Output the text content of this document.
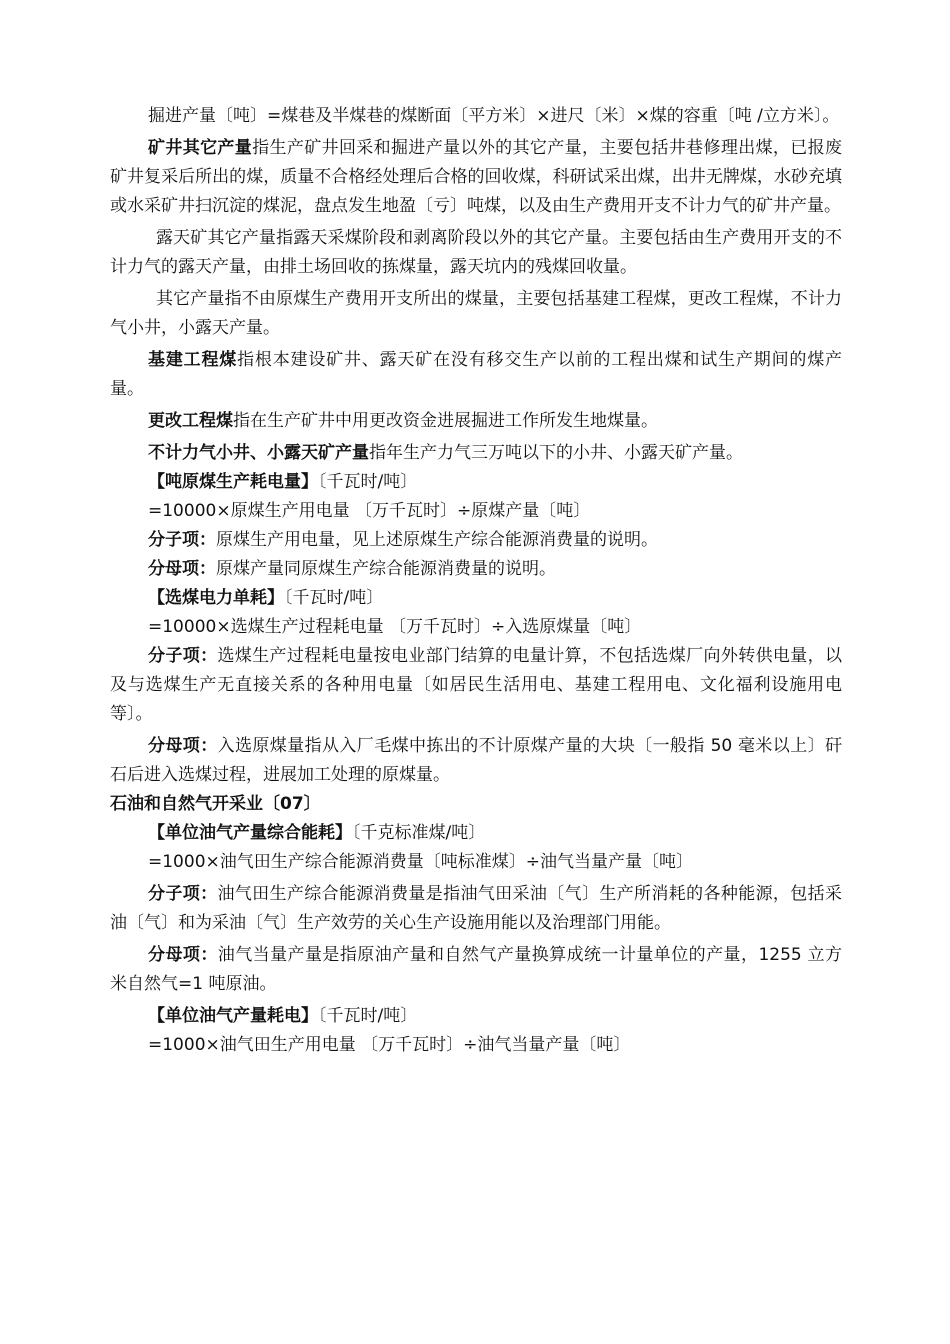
掘进产量〔吨〕=煤巷及半煤巷的煤断面〔平方米〕×进尺〔米〕×煤的容重〔吨 /立方米〕。

矿井其它产量指生产矿井回采和掘进产量以外的其它产量，主要包括井巷修理出煤，已报废矿井复采后所出的煤，质量不合格经处理后合格的回收煤，科研试采出煤，出井无牌煤，水砂充填或水采矿井扫沉淀的煤泥，盘点发生地盈〔亏〕吨煤，以及由生产费用开支不计力气的矿井产量。

露天矿其它产量指露天采煤阶段和剥离阶段以外的其它产量。主要包括由生产费用开支的不计力气的露天产量，由排土场回收的拣煤量，露天坑内的残煤回收量。

其它产量指不由原煤生产费用开支所出的煤量，主要包括基建工程煤，更改工程煤，不计力气小井，小露天产量。

基建工程煤指根本建设矿井、露天矿在没有移交生产以前的工程出煤和试生产期间的煤产量。

更改工程煤指在生产矿井中用更改资金进展掘进工作所发生地煤量。

不计力气小井、小露天矿产量指年生产力气三万吨以下的小井、小露天矿产量。

【吨原煤生产耗电量】〔千瓦时/吨〕

=10000×原煤生产用电量 〔万千瓦时〕÷原煤产量〔吨〕

分子项：原煤生产用电量，见上述原煤生产综合能源消费量的说明。

分母项：原煤产量同原煤生产综合能源消费量的说明。

【选煤电力单耗】〔千瓦时/吨〕

=10000×选煤生产过程耗电量 〔万千瓦时〕÷入选原煤量〔吨〕

分子项：选煤生产过程耗电量按电业部门结算的电量计算，不包括选煤厂向外转供电量，以及与选煤生产无直接关系的各种用电量〔如居民生活用电、基建工程用电、文化福利设施用电等〕。

分母项：入选原煤量指从入厂毛煤中拣出的不计原煤产量的大块〔一般指 50 毫米以上〕矸石后进入选煤过程，进展加工处理的原煤量。

石油和自然气开采业〔07〕

【单位油气产量综合能耗】〔千克标准煤/吨〕

=1000×油气田生产综合能源消费量〔吨标准煤〕÷油气当量产量〔吨〕

分子项：油气田生产综合能源消费量是指油气田采油〔气〕生产所消耗的各种能源，包括采油〔气〕和为采油〔气〕生产效劳的关心生产设施用能以及治理部门用能。

分母项：油气当量产量是指原油产量和自然气产量换算成统一计量单位的产量，1255 立方米自然气=1 吨原油。

【单位油气产量耗电】〔千瓦时/吨〕

=1000×油气田生产用电量 〔万千瓦时〕÷油气当量产量〔吨〕
